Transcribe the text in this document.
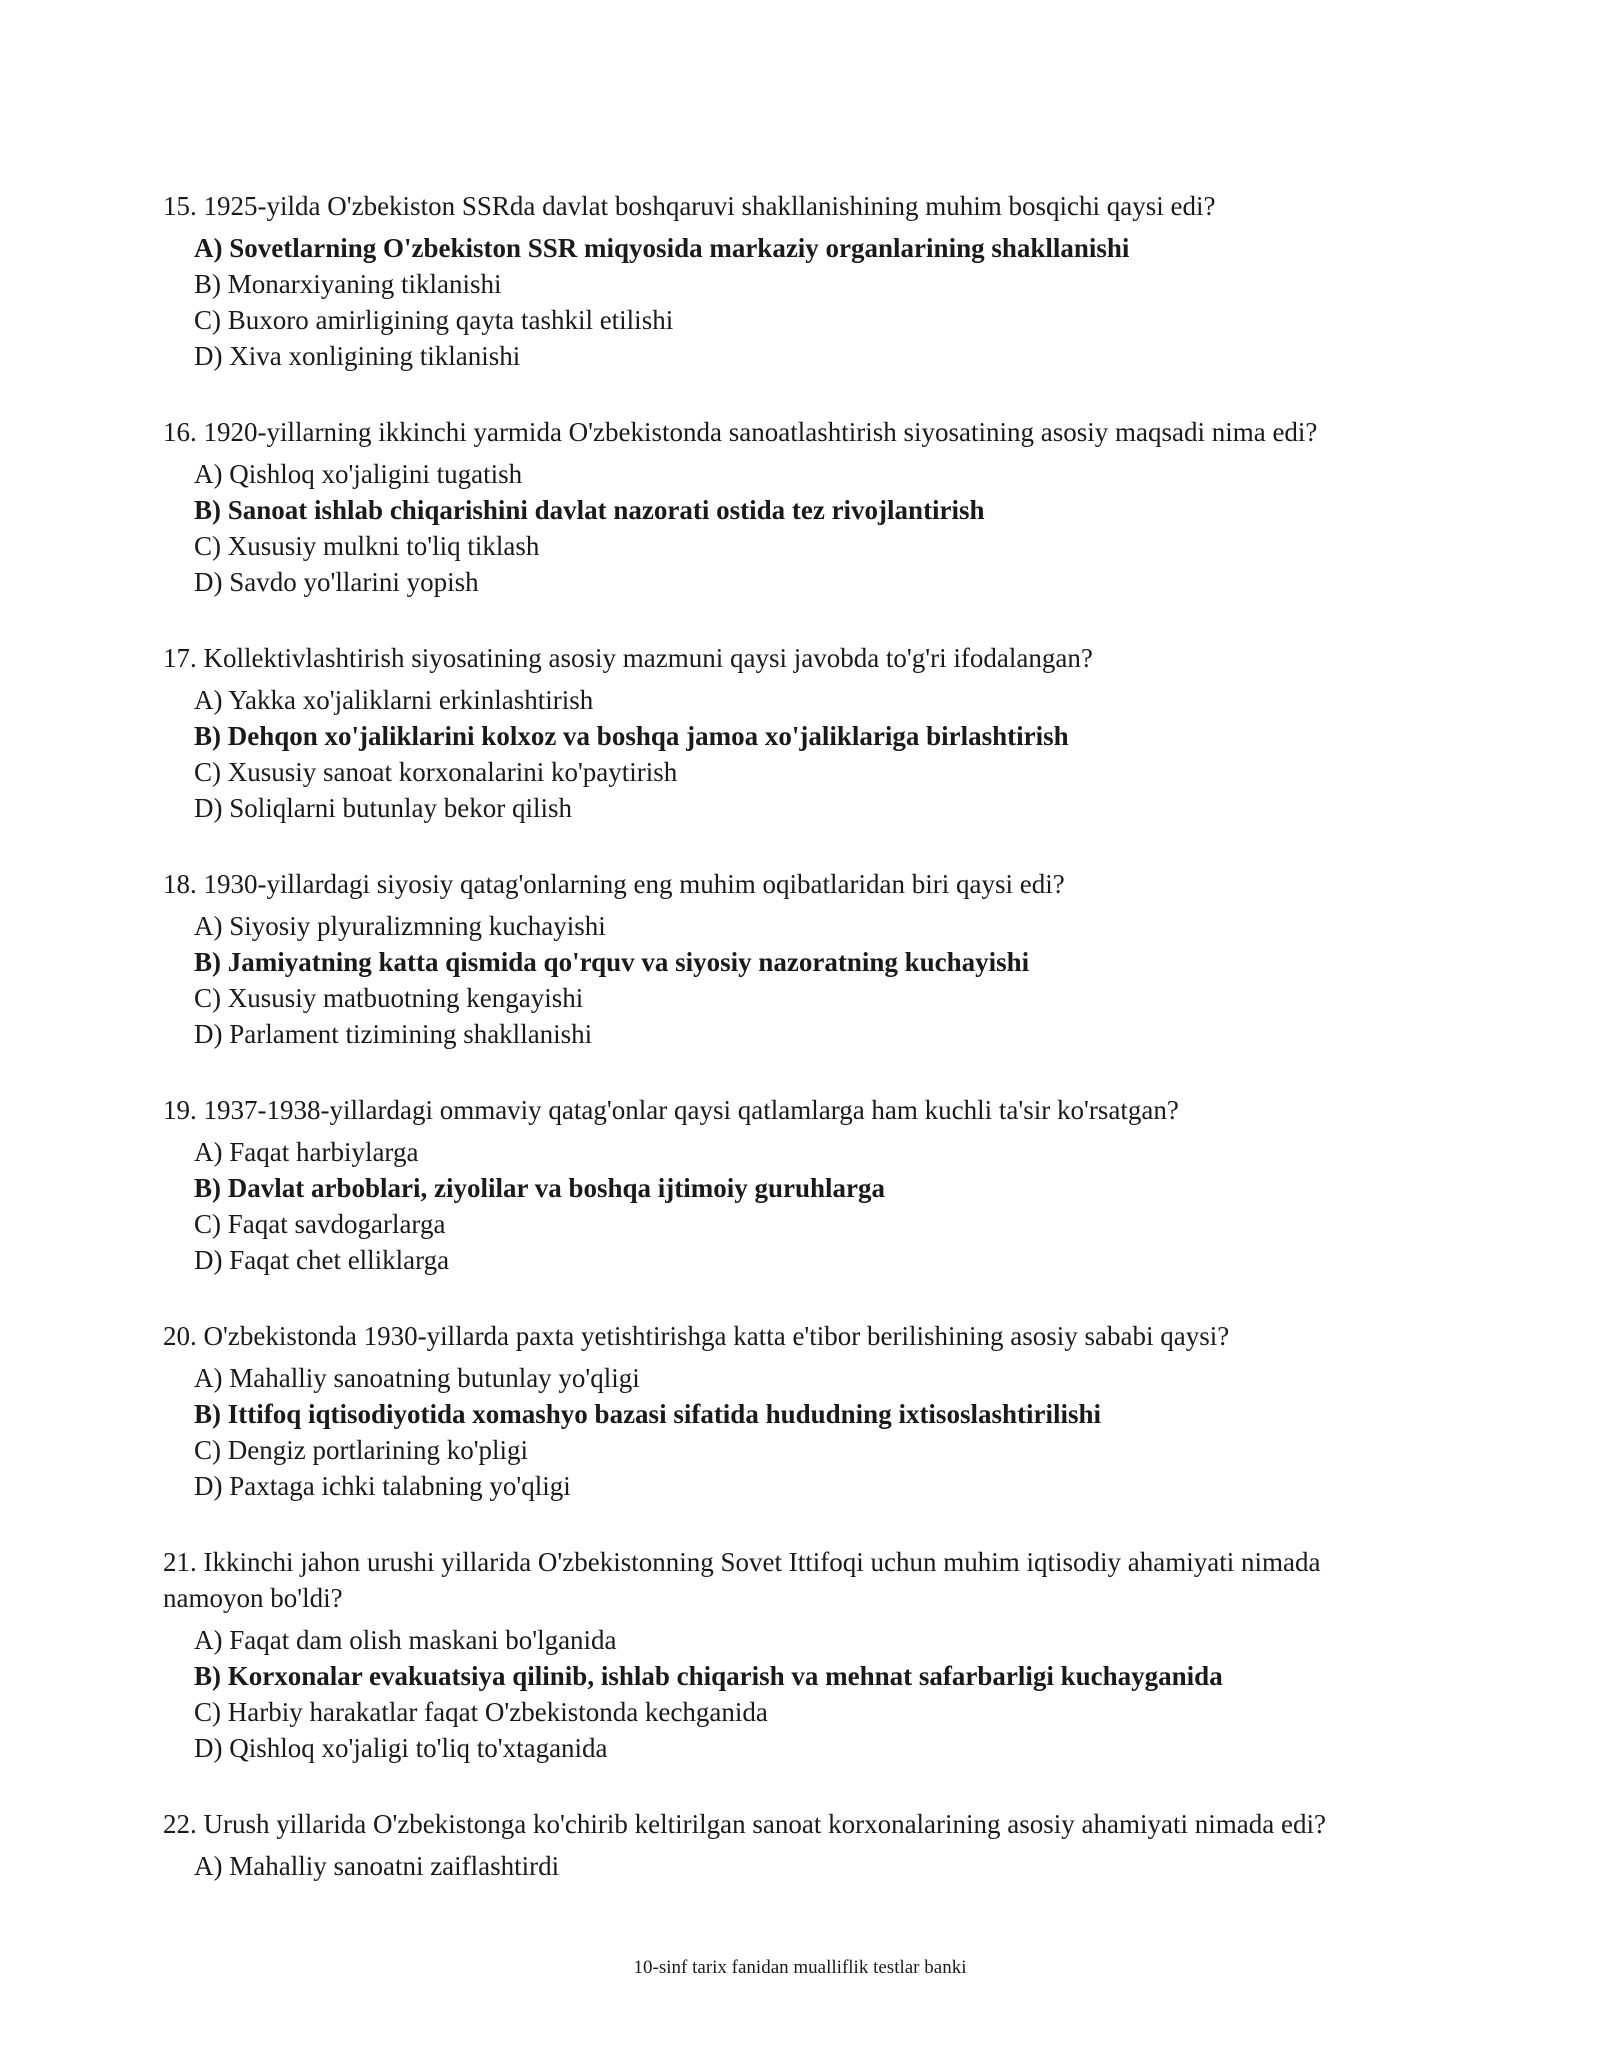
15. 1925-yilda O'zbekiston SSRda davlat boshqaruvi shakllanishining muhim bosqichi qaysi edi?

A) Sovetlarning O'zbekiston SSR miqyosida markaziy organlarining shakllanishi
B) Monarxiyaning tiklanishi
C) Buxoro amirligining qayta tashkil etilishi
D) Xiva xonligining tiklanishi

16. 1920-yillarning ikkinchi yarmida O'zbekistonda sanoatlashtirish siyosatining asosiy maqsadi nima edi?

A) Qishloq xo'jaligini tugatish
B) Sanoat ishlab chiqarishini davlat nazorati ostida tez rivojlantirish
C) Xususiy mulkni to'liq tiklash
D) Savdo yo'llarini yopish

17. Kollektivlashtirish siyosatining asosiy mazmuni qaysi javobda to'g'ri ifodalangan?

A) Yakka xo'jaliklarni erkinlashtirish
B) Dehqon xo'jaliklarini kolxoz va boshqa jamoa xo'jaliklariga birlashtirish
C) Xususiy sanoat korxonalarini ko'paytirish
D) Soliqlarni butunlay bekor qilish

18. 1930-yillardagi siyosiy qatag'onlarning eng muhim oqibatlaridan biri qaysi edi?

A) Siyosiy plyuralizmning kuchayishi
B) Jamiyatning katta qismida qo'rquv va siyosiy nazoratning kuchayishi
C) Xususiy matbuotning kengayishi
D) Parlament tizimining shakllanishi

19. 1937-1938-yillardagi ommaviy qatag'onlar qaysi qatlamlarga ham kuchli ta'sir ko'rsatgan?

A) Faqat harbiylarga
B) Davlat arboblari, ziyolilar va boshqa ijtimoiy guruhlarga
C) Faqat savdogarlarga
D) Faqat chet elliklarga

20. O'zbekistonda 1930-yillarda paxta yetishtirishga katta e'tibor berilishining asosiy sababi qaysi?

A) Mahalliy sanoatning butunlay yo'qligi
B) Ittifoq iqtisodiyotida xomashyo bazasi sifatida hududning ixtisoslashtirilishi
C) Dengiz portlarining ko'pligi
D) Paxtaga ichki talabning yo'qligi

21. Ikkinchi jahon urushi yillarida O'zbekistonning Sovet Ittifoqi uchun muhim iqtisodiy ahamiyati nimada namoyon bo'ldi?

A) Faqat dam olish maskani bo'lganida
B) Korxonalar evakuatsiya qilinib, ishlab chiqarish va mehnat safarbarligi kuchayganida
C) Harbiy harakatlar faqat O'zbekistonda kechganida
D) Qishloq xo'jaligi to'liq to'xtaganida

22. Urush yillarida O'zbekistonga ko'chirib keltirilgan sanoat korxonalarining asosiy ahamiyati nimada edi?

A) Mahalliy sanoatni zaiflashtirdi
10-sinf tarix fanidan mualliflik testlar banki
